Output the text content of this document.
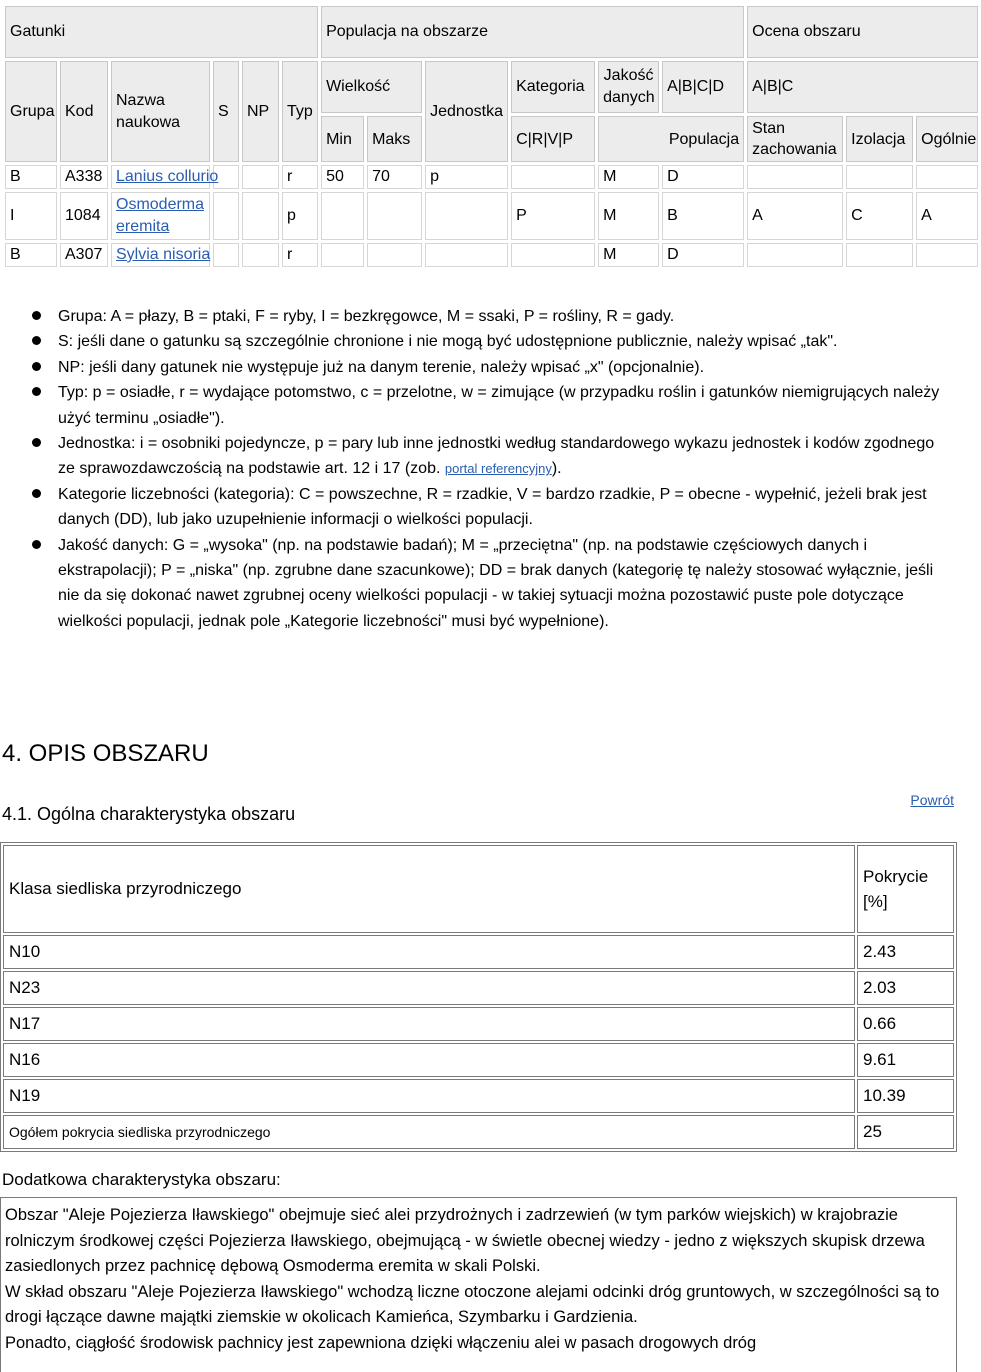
Gatunki						Populacja na obszarze						Ocena obszaru		
Grupa	Kod	Nazwa naukowa	S	NP	Typ	Wielkość		Jednostka	Kategoria	Jakość danych	A|B|C|D	A|B|C		
						Min	Maks		C|R|V|P	Populacja		Stan zachowania	Izolacja	Ogólnie
B	A338	Lanius collurio			r	50	70	p		M	D			
I	1084	Osmoderma eremita			p				P	M	B	A	C	A
B	A307	Sylvia nisoria			r					M	D			
Grupa: A = płazy, B = ptaki, F = ryby, I = bezkręgowce, M = ssaki, P = rośliny, R = gady.
S: jeśli dane o gatunku są szczególnie chronione i nie mogą być udostępnione publicznie, należy wpisać „tak".
NP: jeśli dany gatunek nie występuje już na danym terenie, należy wpisać „x" (opcjonalnie).
Typ: p = osiadłe, r = wydające potomstwo, c = przelotne, w = zimujące (w przypadku roślin i gatunków niemigrujących należy użyć terminu „osiadłe").
Jednostka: i = osobniki pojedyncze, p = pary lub inne jednostki według standardowego wykazu jednostek i kodów zgodnego ze sprawozdawczością na podstawie art. 12 i 17 (zob. portal referencyjny).
Kategorie liczebności (kategoria): C = powszechne, R = rzadkie, V = bardzo rzadkie, P = obecne - wypełnić, jeżeli brak jest danych (DD), lub jako uzupełnienie informacji o wielkości populacji.
Jakość danych: G = „wysoka" (np. na podstawie badań); M = „przeciętna" (np. na podstawie częściowych danych i ekstrapolacji); P = „niska" (np. zgrubne dane szacunkowe); DD = brak danych (kategorię tę należy stosować wyłącznie, jeśli nie da się dokonać nawet zgrubnej oceny wielkości populacji - w takiej sytuacji można pozostawić puste pole dotyczące wielkości populacji, jednak pole „Kategorie liczebności" musi być wypełnione).
4. OPIS OBSZARU
Powrót
4.1. Ogólna charakterystyka obszaru
Klasa siedliska przyrodniczego	Pokrycie [%]
N10	2.43
N23	2.03
N17	0.66
N16	9.61
N19	10.39
Ogółem pokrycia siedliska przyrodniczego	25
Dodatkowa charakterystyka obszaru:

Obszar "Aleje Pojezierza Iławskiego" obejmuje sieć alei przydrożnych i zadrzewień (w tym parków wiejskich) w krajobrazie rolniczym środkowej części Pojezierza Iławskiego, obejmującą - w świetle obecnej wiedzy - jedno z większych skupisk drzewa zasiedlonych przez pachnicę dębową Osmoderma eremita w skali Polski.

W skład obszaru "Aleje Pojezierza Iławskiego" wchodzą liczne otoczone alejami odcinki dróg gruntowych, w szczególności są to drogi łączące dawne majątki ziemskie w okolicach Kamieńca, Szymbarku i Gardzienia.

Ponadto, ciągłość środowisk pachnicy jest zapewniona dzięki włączeniu alei w pasach drogowych dróg
